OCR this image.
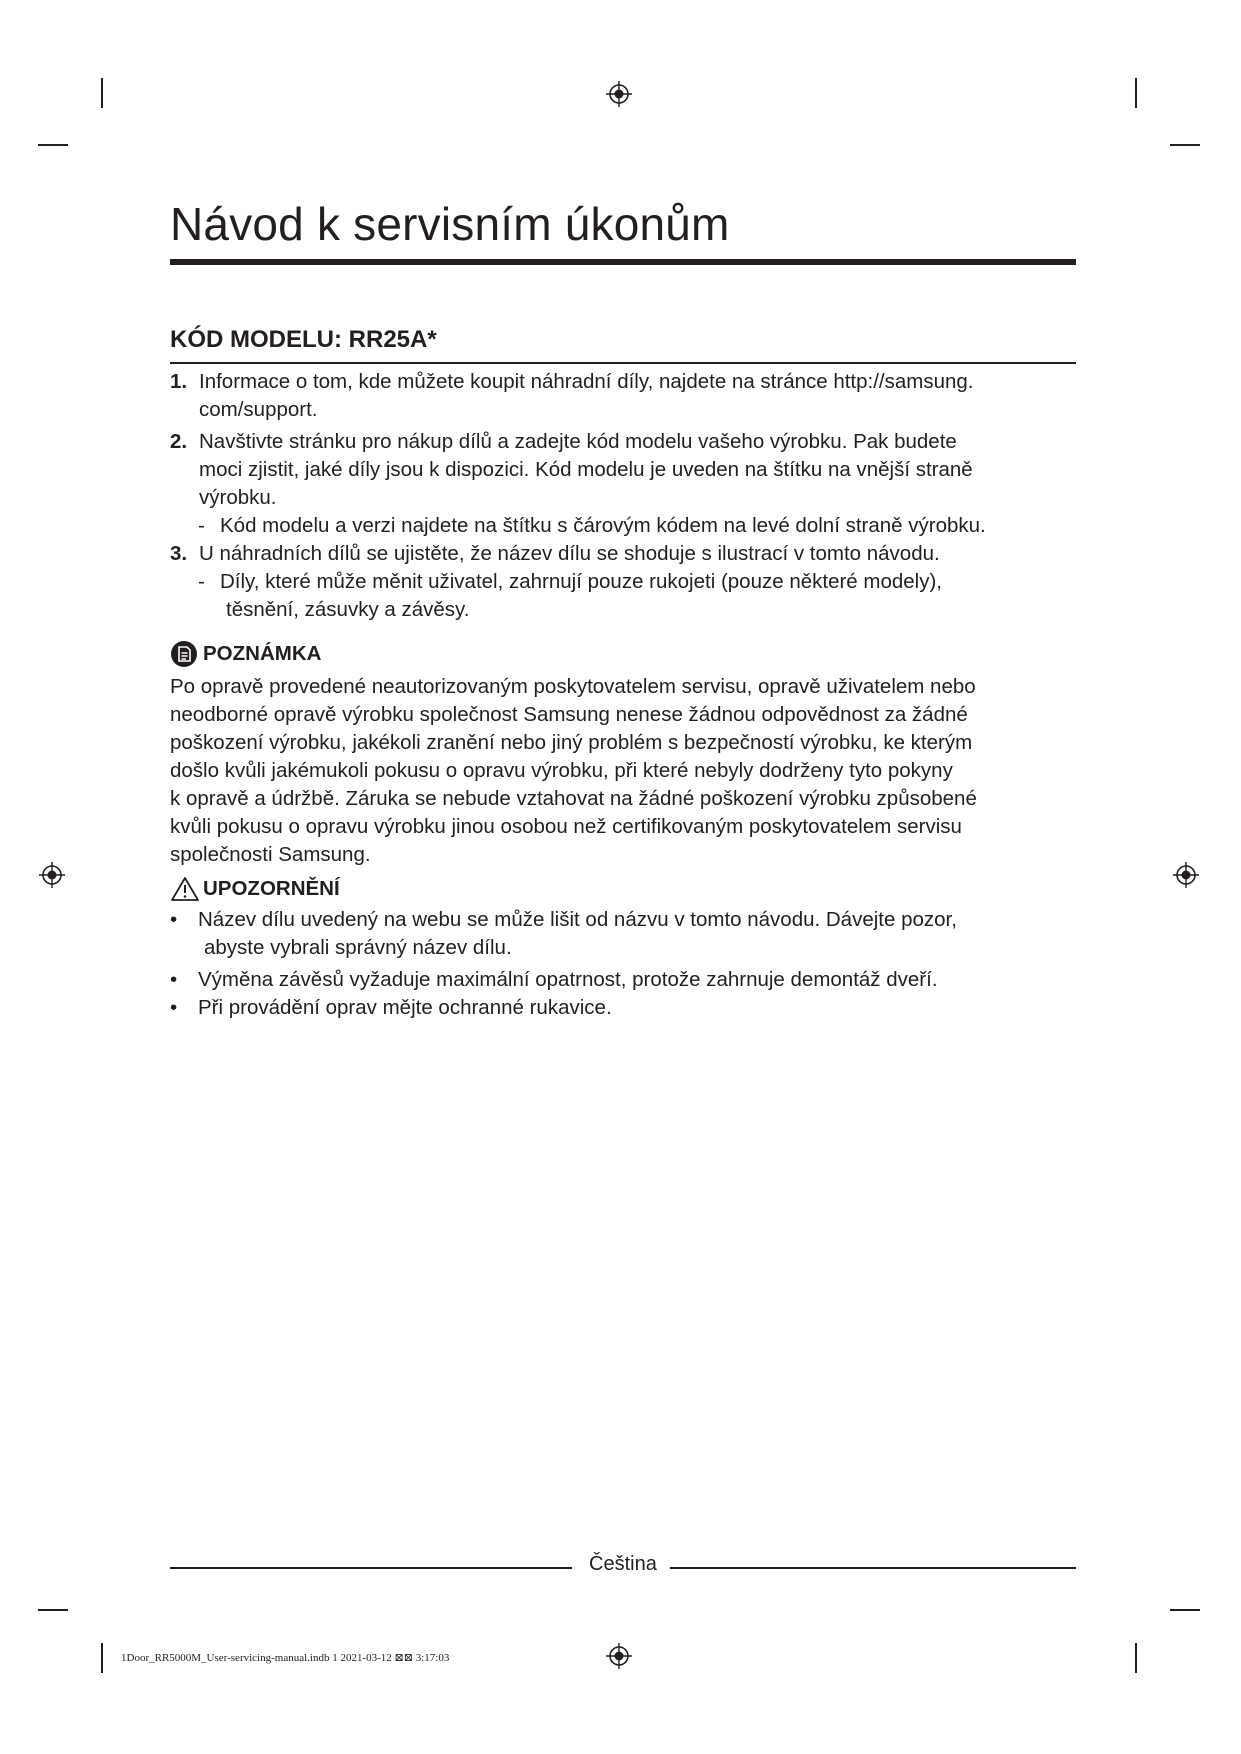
Návod k servisním úkonům
KÓD MODELU: RR25A*
1. Informace o tom, kde můžete koupit náhradní díly, najdete na stránce http://samsung.
com/support.
2. Navštivte stránku pro nákup dílů a zadejte kód modelu vašeho výrobku. Pak budete
moci zjistit, jaké díly jsou k dispozici. Kód modelu je uveden na štítku na vnější straně
výrobku.
- Kód modelu a verzi najdete na štítku s čárovým kódem na levé dolní straně výrobku.
3. U náhradních dílů se ujistěte, že název dílu se shoduje s ilustrací v tomto návodu.
- Díly, které může měnit uživatel, zahrnují pouze rukojeti (pouze některé modely),
těsnění, zásuvky a závěsy.
POZNÁMKA
Po opravě provedené neautorizovaným poskytovatelem servisu, opravě uživatelem nebo
neodborné opravě výrobku společnost Samsung nenese žádnou odpovědnost za žádné
poškození výrobku, jakékoli zranění nebo jiný problém s bezpečností výrobku, ke kterým
došlo kvůli jakémukoli pokusu o opravu výrobku, při které nebyly dodrženy tyto pokyny
k opravě a údržbě. Záruka se nebude vztahovat na žádné poškození výrobku způsobené
kvůli pokusu o opravu výrobku jinou osobou než certifikovaným poskytovatelem servisu
společnosti Samsung.
UPOZORNĚNÍ
• Název dílu uvedený na webu se může lišit od názvu v tomto návodu. Dávejte pozor,
abyste vybrali správný název dílu.
• Výměna závěsů vyžaduje maximální opatrnost, protože zahrnuje demontáž dveří.
• Při provádění oprav mějte ochranné rukavice.
Čeština
1Door_RR5000M_User-servicing-manual.indb 1 2021-03-12 ⊠⊠ 3:17:03
